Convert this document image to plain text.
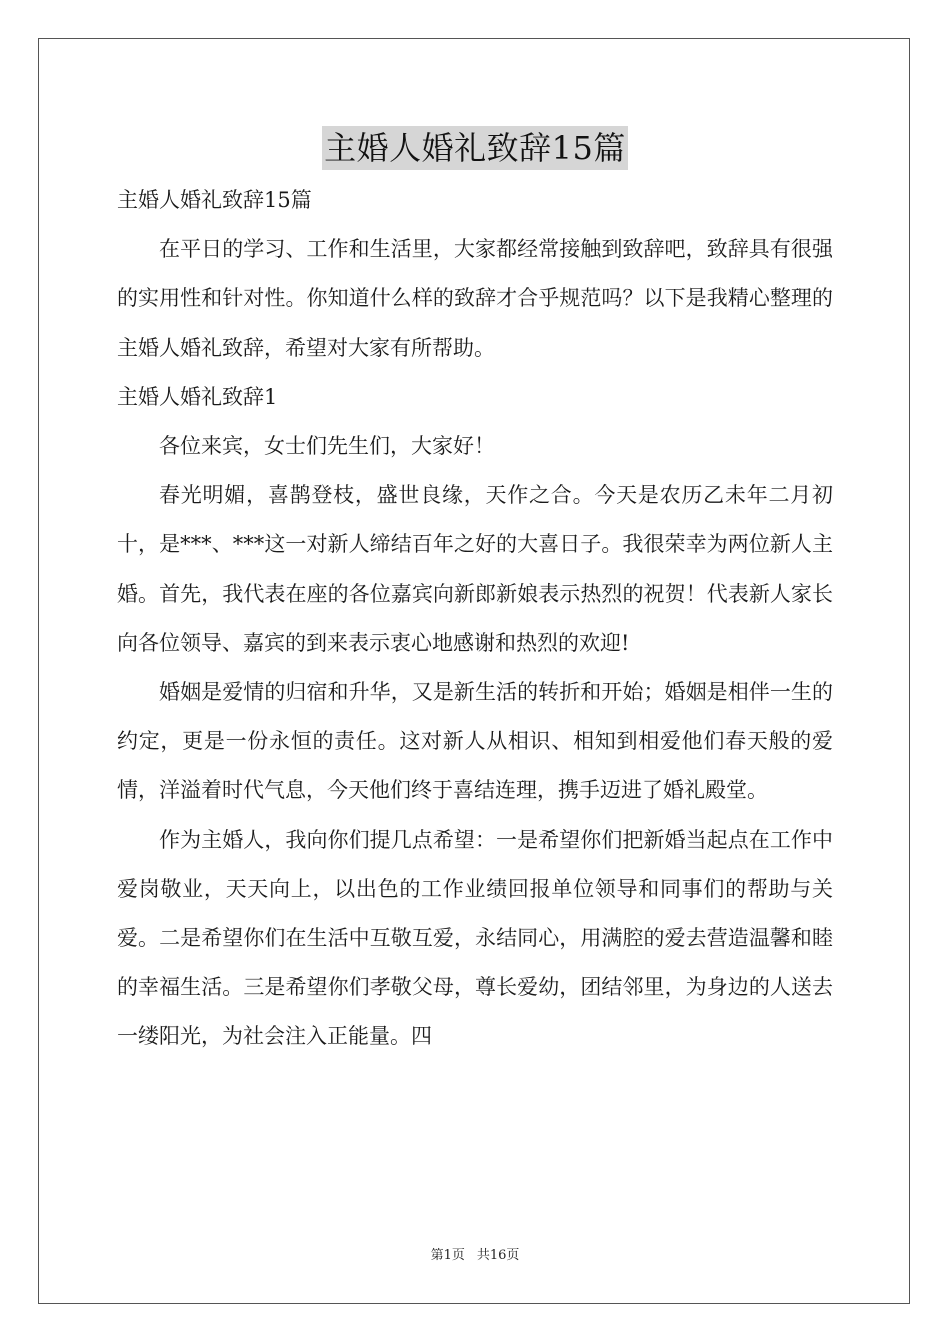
主婚人婚礼致辞15篇

主婚人婚礼致辞15篇

在平日的学习、工作和生活里，大家都经常接触到致辞吧，致辞具有很强的实用性和针对性。你知道什么样的致辞才合乎规范吗？以下是我精心整理的主婚人婚礼致辞，希望对大家有所帮助。

主婚人婚礼致辞1

各位来宾，女士们先生们，大家好！

春光明媚，喜鹊登枝，盛世良缘，天作之合。今天是农历乙未年二月初十，是***、***这一对新人缔结百年之好的大喜日子。我很荣幸为两位新人主婚。首先，我代表在座的各位嘉宾向新郎新娘表示热烈的祝贺！代表新人家长向各位领导、嘉宾的到来表示衷心地感谢和热烈的欢迎!

婚姻是爱情的归宿和升华，又是新生活的转折和开始；婚姻是相伴一生的约定，更是一份永恒的责任。这对新人从相识、相知到相爱他们春天般的爱情，洋溢着时代气息，今天他们终于喜结连理，携手迈进了婚礼殿堂。

作为主婚人，我向你们提几点希望：一是希望你们把新婚当起点在工作中爱岗敬业，天天向上，以出色的工作业绩回报单位领导和同事们的帮助与关爱。二是希望你们在生活中互敬互爱，永结同心，用满腔的爱去营造温馨和睦的幸福生活。三是希望你们孝敬父母，尊长爱幼，团结邻里，为身边的人送去一缕阳光，为社会注入正能量。四

第1页 共16页
